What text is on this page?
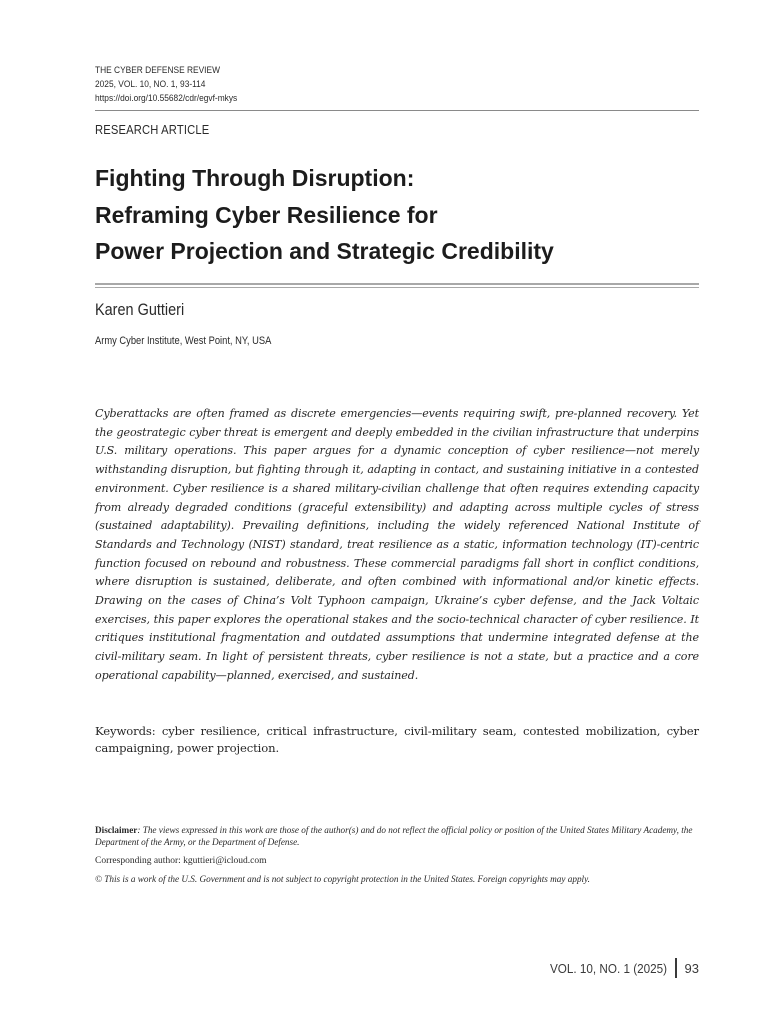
THE CYBER DEFENSE REVIEW
2025, VOL. 10, NO. 1, 93-114
https://doi.org/10.55682/cdr/egvf-mkys
RESEARCH ARTICLE
Fighting Through Disruption:
Reframing Cyber Resilience for
Power Projection and Strategic Credibility
Karen Guttieri
Army Cyber Institute, West Point, NY, USA

Cyberattacks are often framed as discrete emergencies—events requiring swift, pre-planned recovery. Yet the geostrategic cyber threat is emergent and deeply embedded in the civilian infrastructure that underpins U.S. military operations. This paper argues for a dynamic conception of cyber resilience—not merely withstanding disruption, but fighting through it, adapting in contact, and sustaining initiative in a contested environment. Cyber resilience is a shared military-civilian challenge that often requires extending capacity from already degraded conditions (graceful extensibility) and adapting across multiple cycles of stress (sustained adaptability). Prevailing definitions, including the widely referenced National Institute of Standards and Technology (NIST) standard, treat resilience as a static, information technology (IT)-centric function focused on rebound and robustness. These commercial paradigms fall short in conflict conditions, where disruption is sustained, deliberate, and often combined with informational and/or kinetic effects. Drawing on the cases of China’s Volt Typhoon campaign, Ukraine’s cyber defense, and the Jack Voltaic exercises, this paper explores the operational stakes and the socio-technical character of cyber resilience. It critiques institutional fragmentation and outdated assumptions that undermine integrated defense at the civil-military seam. In light of persistent threats, cyber resilience is not a state, but a practice and a core operational capability—planned, exercised, and sustained.

Keywords: cyber resilience, critical infrastructure, civil-military seam, contested mobilization, cyber campaigning, power projection.

Disclaimer: The views expressed in this work are those of the author(s) and do not reflect the official policy or position of the United States Military Academy, the Department of the Army, or the Department of Defense.

Corresponding author: kguttieri@icloud.com
© This is a work of the U.S. Government and is not subject to copyright protection in the United States. Foreign copyrights may apply.
VOL. 10, NO. 1 (2025) 93
